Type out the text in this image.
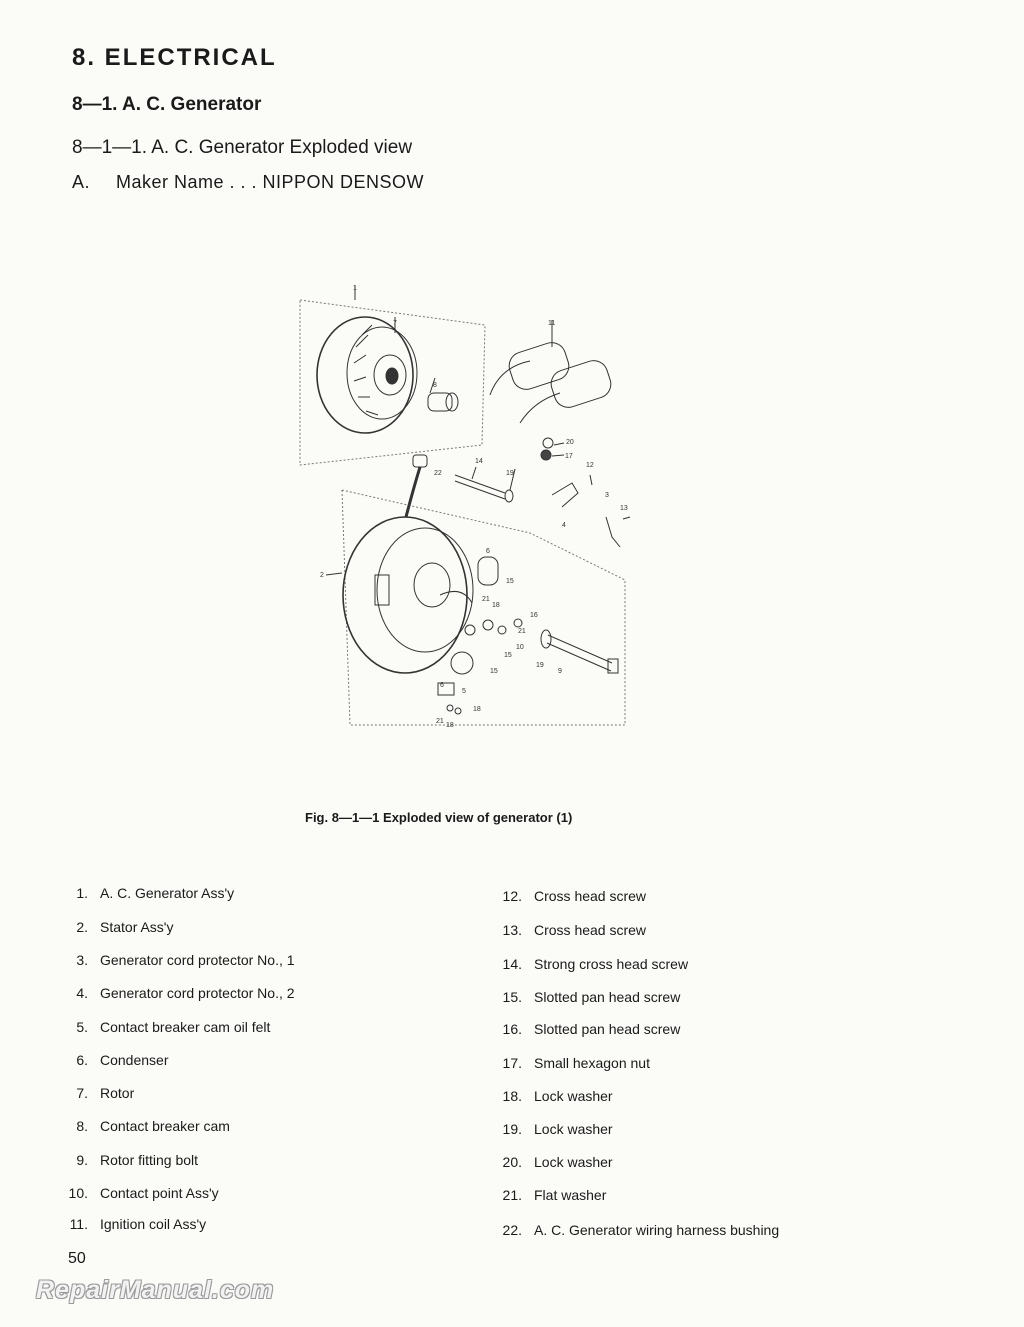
8. ELECTRICAL
8—1. A. C. Generator
8—1—1. A. C. Generator Exploded view
A. Maker Name . . . NIPPON DENSOW
1
7
8
11
20
17
12
3
13
14
19
22
4
2
6
15
21
18
16
21
10
15
19
9
5
6
15
18
21
18
Fig. 8—1—1 Exploded view of generator (1)
1. A. C. Generator Ass'y
2. Stator Ass'y
3. Generator cord protector No., 1
4. Generator cord protector No., 2
5. Contact breaker cam oil felt
6. Condenser
7. Rotor
8. Contact breaker cam
9. Rotor fitting bolt
10. Contact point Ass'y
11. Ignition coil Ass'y
12. Cross head screw
13. Cross head screw
14. Strong cross head screw
15. Slotted pan head screw
16. Slotted pan head screw
17. Small hexagon nut
18. Lock washer
19. Lock washer
20. Lock washer
21. Flat washer
22. A. C. Generator wiring harness bushing
50
RepairManual.com
